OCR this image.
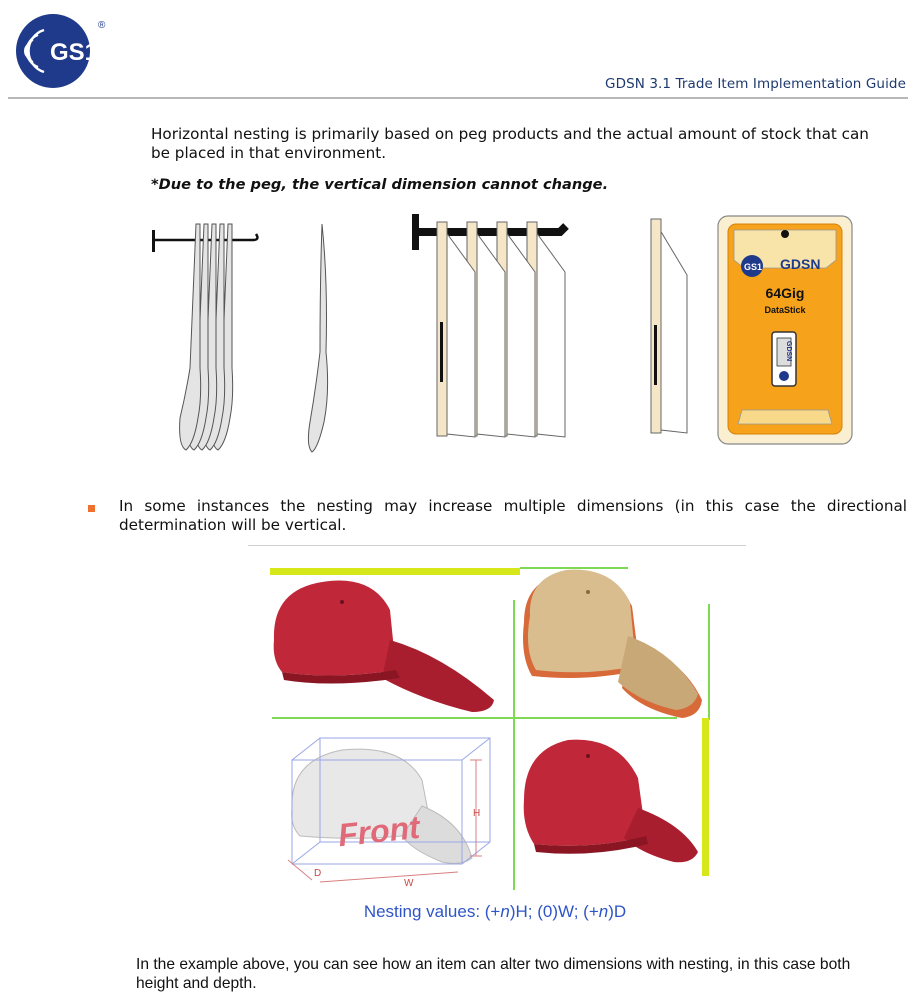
GS1
®
GDSN 3.1 Trade Item Implementation Guide
Horizontal nesting is primarily based on peg products and the actual amount of stock that can be placed in that environment.
*Due to the peg, the vertical dimension cannot change.
GS1 GDSN
64Gig
DataStick
GDSN
In some instances the nesting may increase multiple dimensions (in this case the directional determination will be vertical.
Front	H
W
D
Nesting values: (+n)H; (0)W; (+n)D
In the example above, you can see how an item can alter two dimensions with nesting, in this case both height and depth.
